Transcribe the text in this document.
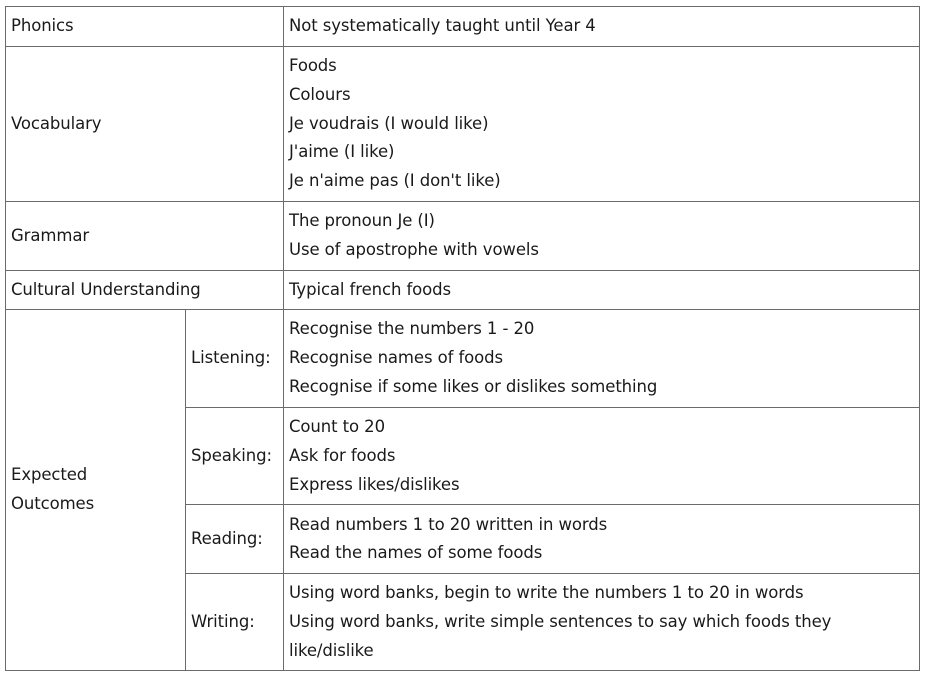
Phonics		Not systematically taught until Year 4

Vocabulary		Foods
Colours
Je voudrais (I would like)
J'aime (I like)
Je n'aime pas (I don't like)

Grammar		The pronoun Je (I)
Use of apostrophe with vowels

Cultural Understanding		Typical french foods

Expected
Outcomes	Listening:	Recognise the numbers 1 - 20
Recognise names of foods
Recognise if some likes or dislikes something

	Speaking:	Count to 20
Ask for foods
Express likes/dislikes

	Reading:	Read numbers 1 to 20 written in words
Read the names of some foods

	Writing:	Using word banks, begin to write the numbers 1 to 20 in words
Using word banks, write simple sentences to say which foods they like/dislike
